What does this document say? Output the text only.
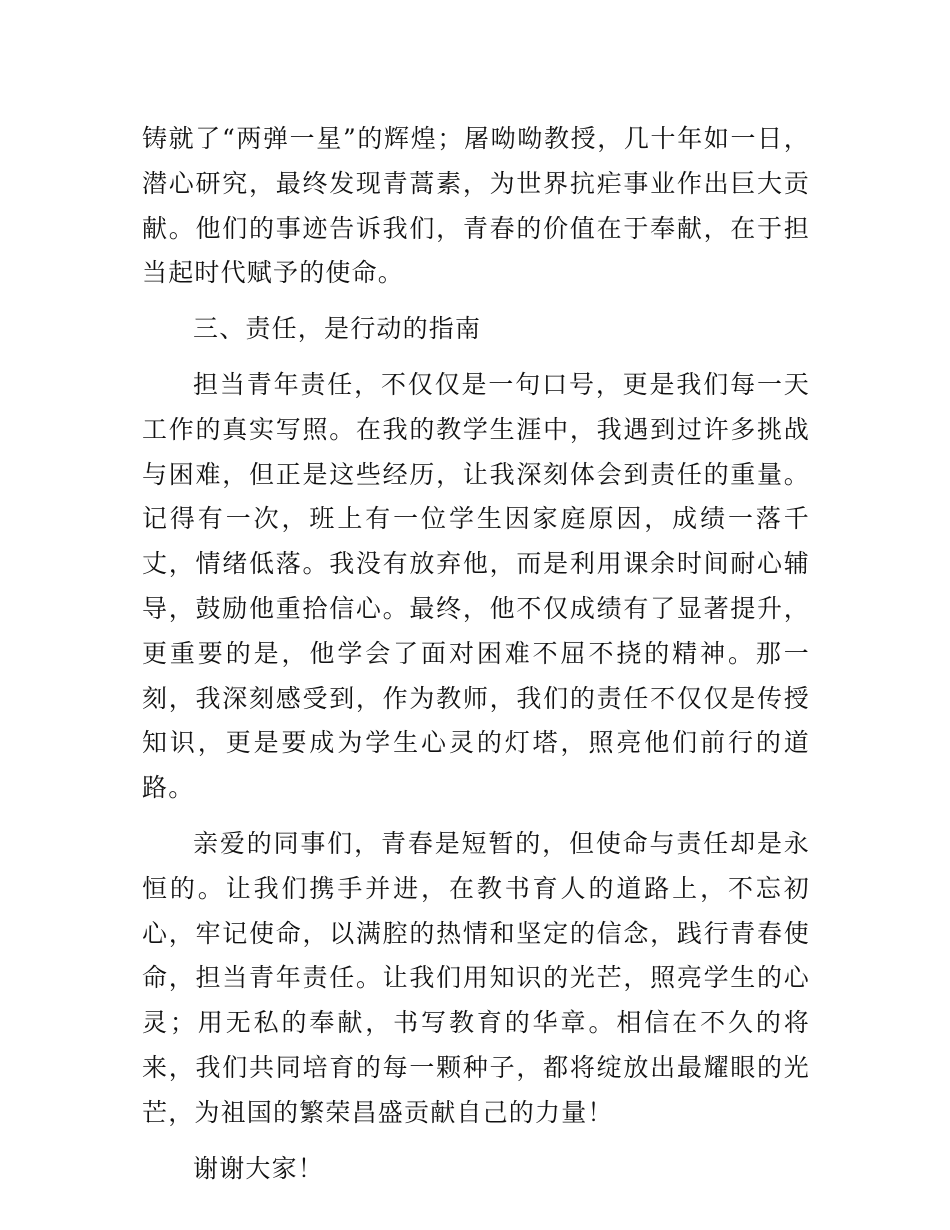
铸就了“两弹一星”的辉煌；屠呦呦教授，几十年如一日，潜心研究，最终发现青蒿素，为世界抗疟事业作出巨大贡献。他们的事迹告诉我们，青春的价值在于奉献，在于担当起时代赋予的使命。

三、责任，是行动的指南

担当青年责任，不仅仅是一句口号，更是我们每一天工作的真实写照。在我的教学生涯中，我遇到过许多挑战与困难，但正是这些经历，让我深刻体会到责任的重量。记得有一次，班上有一位学生因家庭原因，成绩一落千丈，情绪低落。我没有放弃他，而是利用课余时间耐心辅导，鼓励他重拾信心。最终，他不仅成绩有了显著提升，更重要的是，他学会了面对困难不屈不挠的精神。那一刻，我深刻感受到，作为教师，我们的责任不仅仅是传授知识，更是要成为学生心灵的灯塔，照亮他们前行的道路。

亲爱的同事们，青春是短暂的，但使命与责任却是永恒的。让我们携手并进，在教书育人的道路上，不忘初心，牢记使命，以满腔的热情和坚定的信念，践行青春使命，担当青年责任。让我们用知识的光芒，照亮学生的心灵；用无私的奉献，书写教育的华章。相信在不久的将来，我们共同培育的每一颗种子，都将绽放出最耀眼的光芒，为祖国的繁荣昌盛贡献自己的力量！

谢谢大家！
